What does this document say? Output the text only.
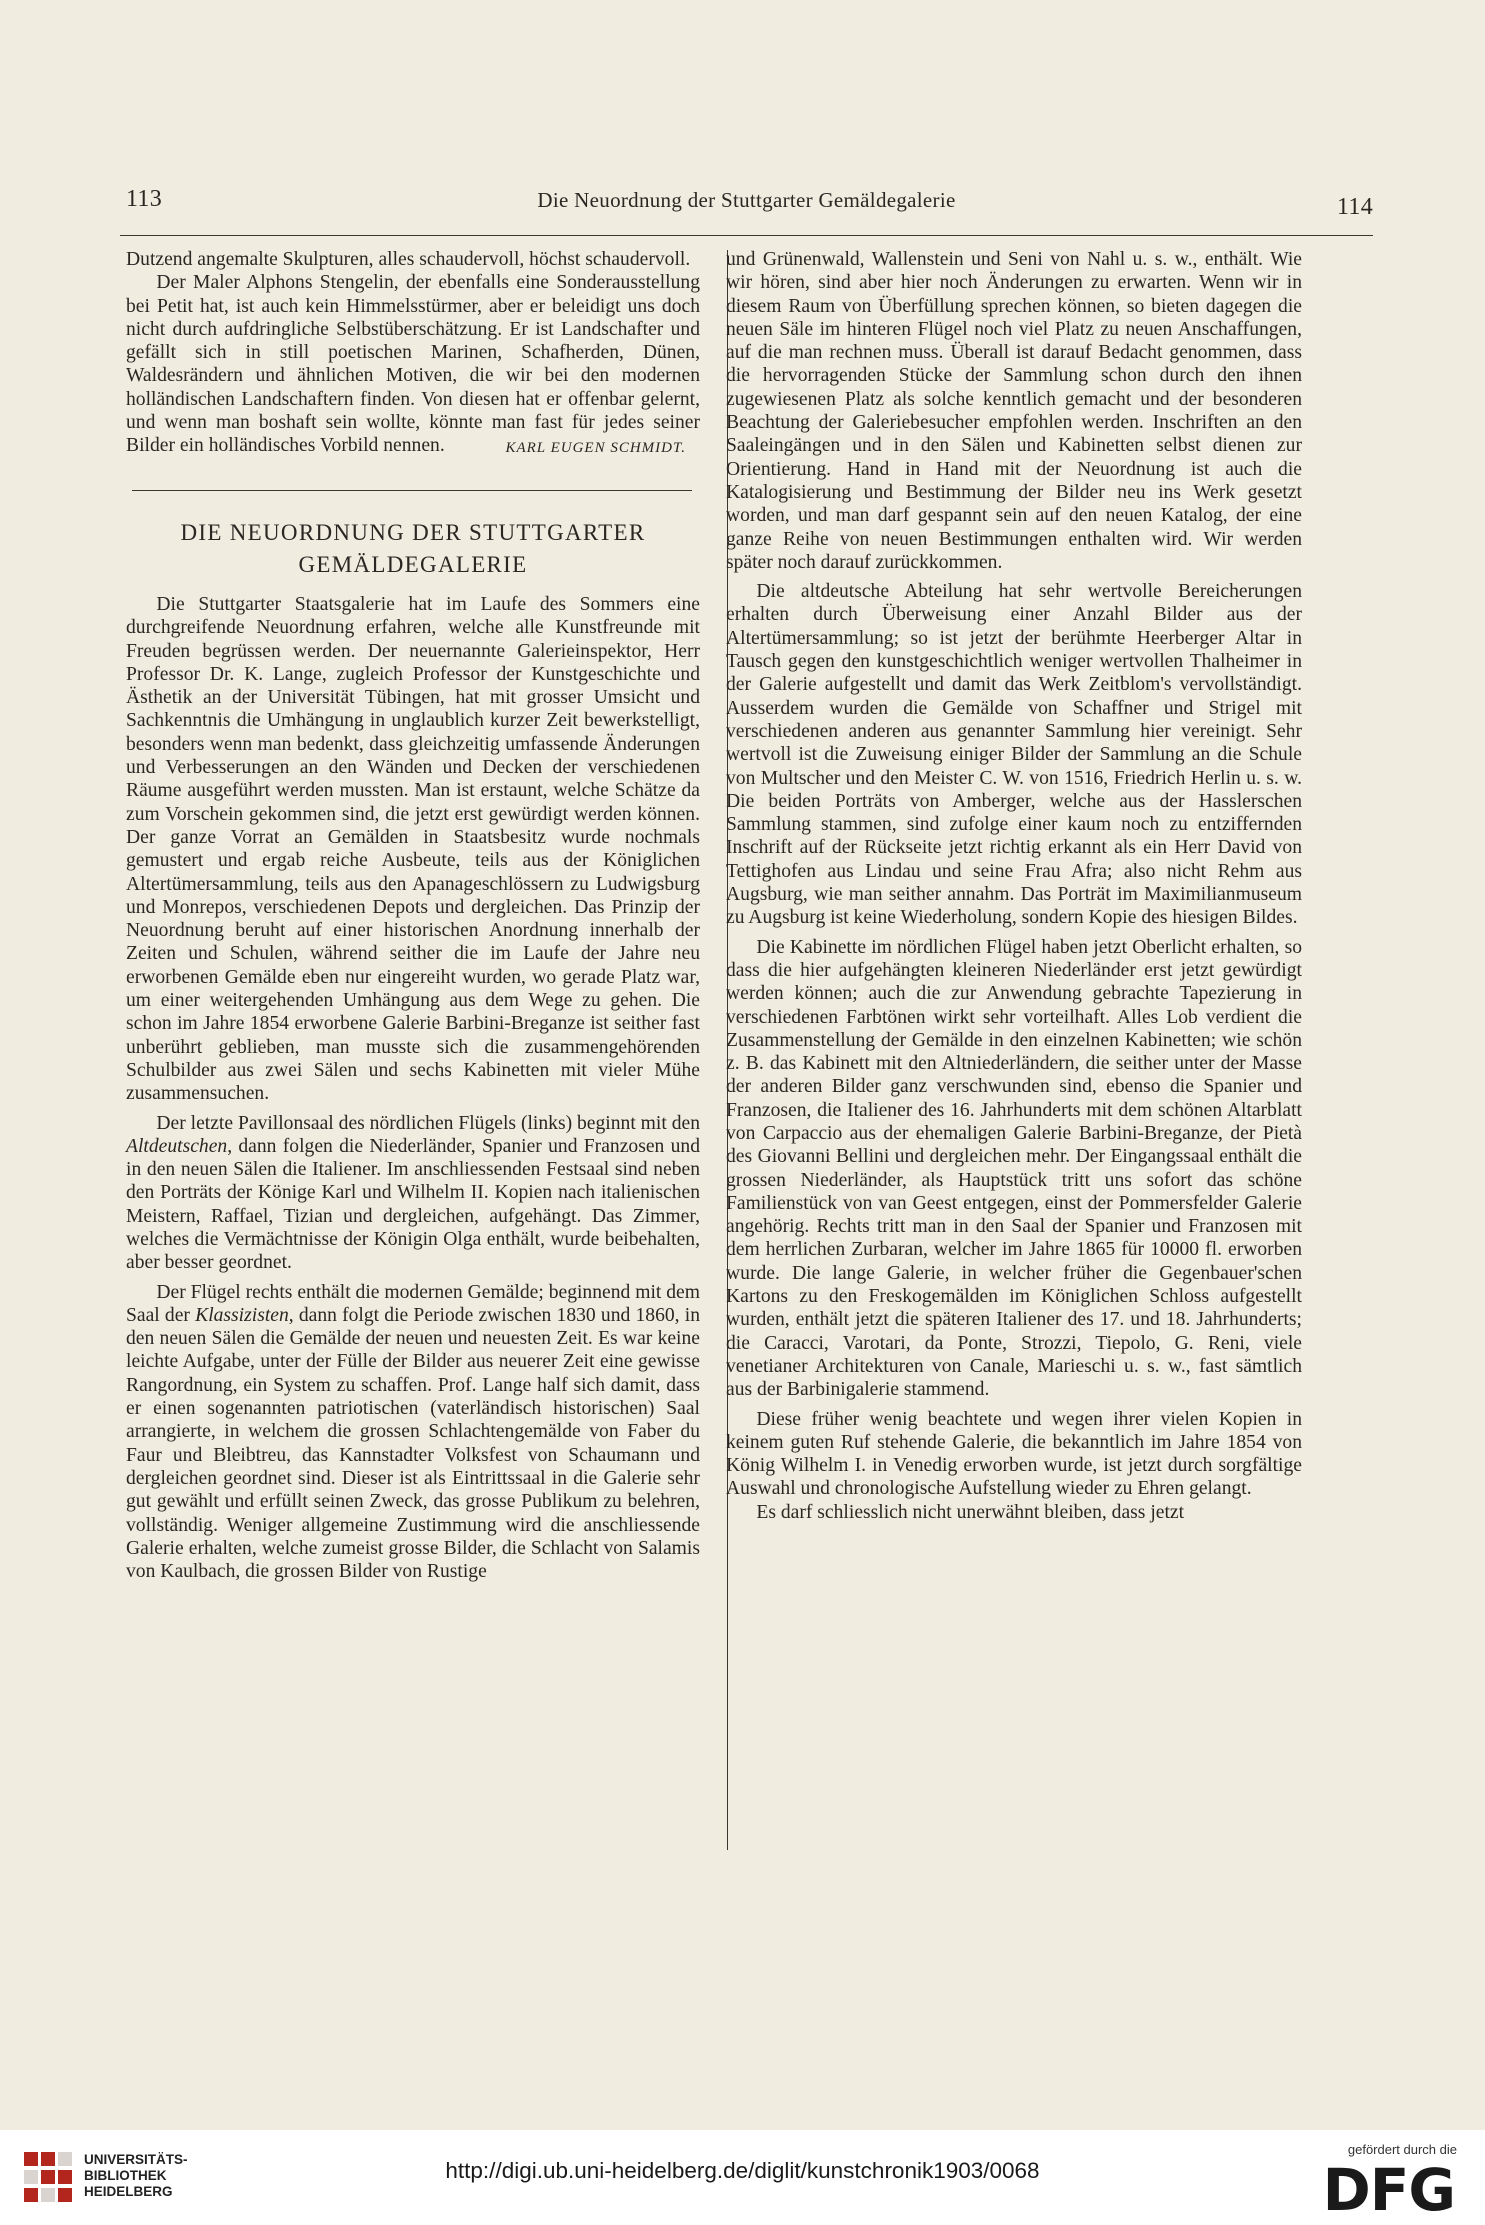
113	Die Neuordnung der Stuttgarter Gemäldegalerie	114

Dutzend angemalte Skulpturen, alles schaudervoll, höchst schaudervoll.

Der Maler Alphons Stengelin, der ebenfalls eine Sonderausstellung bei Petit hat, ist auch kein Himmelsstürmer, aber er beleidigt uns doch nicht durch aufdringliche Selbstüberschätzung. Er ist Landschafter und gefällt sich in still poetischen Marinen, Schafherden, Dünen, Waldesrändern und ähnlichen Motiven, die wir bei den modernen holländischen Landschaftern finden. Von diesen hat er offenbar gelernt, und wenn man boshaft sein wollte, könnte man fast für jedes seiner Bilder ein holländisches Vorbild nennen.	KARL EUGEN SCHMIDT.
DIE NEUORDNUNG DER STUTTGARTER
GEMÄLDEGALERIE

Die Stuttgarter Staatsgalerie hat im Laufe des Sommers eine durchgreifende Neuordnung erfahren, welche alle Kunstfreunde mit Freuden begrüssen werden. Der neuernannte Galerieinspektor, Herr Professor Dr. K. Lange, zugleich Professor der Kunstgeschichte und Ästhetik an der Universität Tübingen, hat mit grosser Umsicht und Sachkenntnis die Umhängung in unglaublich kurzer Zeit bewerkstelligt, besonders wenn man bedenkt, dass gleichzeitig umfassende Änderungen und Verbesserungen an den Wänden und Decken der verschiedenen Räume ausgeführt werden mussten. Man ist erstaunt, welche Schätze da zum Vorschein gekommen sind, die jetzt erst gewürdigt werden können. Der ganze Vorrat an Gemälden in Staatsbesitz wurde nochmals gemustert und ergab reiche Ausbeute, teils aus der Königlichen Altertümersammlung, teils aus den Apanageschlössern zu Ludwigsburg und Monrepos, verschiedenen Depots und dergleichen. Das Prinzip der Neuordnung beruht auf einer historischen Anordnung innerhalb der Zeiten und Schulen, während seither die im Laufe der Jahre neu erworbenen Gemälde eben nur eingereiht wurden, wo gerade Platz war, um einer weitergehenden Umhängung aus dem Wege zu gehen. Die schon im Jahre 1854 erworbene Galerie Barbini-Breganze ist seither fast unberührt geblieben, man musste sich die zusammengehörenden Schulbilder aus zwei Sälen und sechs Kabinetten mit vieler Mühe zusammensuchen.

Der letzte Pavillonsaal des nördlichen Flügels (links) beginnt mit den Altdeutschen, dann folgen die Niederländer, Spanier und Franzosen und in den neuen Sälen die Italiener. Im anschliessenden Festsaal sind neben den Porträts der Könige Karl und Wilhelm II. Kopien nach italienischen Meistern, Raffael, Tizian und dergleichen, aufgehängt. Das Zimmer, welches die Vermächtnisse der Königin Olga enthält, wurde beibehalten, aber besser geordnet.

Der Flügel rechts enthält die modernen Gemälde; beginnend mit dem Saal der Klassizisten, dann folgt die Periode zwischen 1830 und 1860, in den neuen Sälen die Gemälde der neuen und neuesten Zeit. Es war keine leichte Aufgabe, unter der Fülle der Bilder aus neuerer Zeit eine gewisse Rangordnung, ein System zu schaffen. Prof. Lange half sich damit, dass er einen sogenannten patriotischen (vaterländisch historischen) Saal arrangierte, in welchem die grossen Schlachtengemälde von Faber du Faur und Bleibtreu, das Kannstadter Volksfest von Schaumann und dergleichen geordnet sind. Dieser ist als Eintrittssaal in die Galerie sehr gut gewählt und erfüllt seinen Zweck, das grosse Publikum zu belehren, vollständig. Weniger allgemeine Zustimmung wird die anschliessende Galerie erhalten, welche zumeist grosse Bilder, die Schlacht von Salamis von Kaulbach, die grossen Bilder von Rustige

und Grünenwald, Wallenstein und Seni von Nahl u. s. w., enthält. Wie wir hören, sind aber hier noch Änderungen zu erwarten. Wenn wir in diesem Raum von Überfüllung sprechen können, so bieten dagegen die neuen Säle im hinteren Flügel noch viel Platz zu neuen Anschaffungen, auf die man rechnen muss. Überall ist darauf Bedacht genommen, dass die hervorragenden Stücke der Sammlung schon durch den ihnen zugewiesenen Platz als solche kenntlich gemacht und der besonderen Beachtung der Galeriebesucher empfohlen werden. Inschriften an den Saaleingängen und in den Sälen und Kabinetten selbst dienen zur Orientierung. Hand in Hand mit der Neuordnung ist auch die Katalogisierung und Bestimmung der Bilder neu ins Werk gesetzt worden, und man darf gespannt sein auf den neuen Katalog, der eine ganze Reihe von neuen Bestimmungen enthalten wird. Wir werden später noch darauf zurückkommen.

Die altdeutsche Abteilung hat sehr wertvolle Bereicherungen erhalten durch Überweisung einer Anzahl Bilder aus der Altertümersammlung; so ist jetzt der berühmte Heerberger Altar in Tausch gegen den kunstgeschichtlich weniger wertvollen Thalheimer in der Galerie aufgestellt und damit das Werk Zeitblom's vervollständigt. Ausserdem wurden die Gemälde von Schaffner und Strigel mit verschiedenen anderen aus genannter Sammlung hier vereinigt. Sehr wertvoll ist die Zuweisung einiger Bilder der Sammlung an die Schule von Multscher und den Meister C. W. von 1516, Friedrich Herlin u. s. w. Die beiden Porträts von Amberger, welche aus der Hasslerschen Sammlung stammen, sind zufolge einer kaum noch zu entziffernden Inschrift auf der Rückseite jetzt richtig erkannt als ein Herr David von Tettighofen aus Lindau und seine Frau Afra; also nicht Rehm aus Augsburg, wie man seither annahm. Das Porträt im Maximilianmuseum zu Augsburg ist keine Wiederholung, sondern Kopie des hiesigen Bildes.

Die Kabinette im nördlichen Flügel haben jetzt Oberlicht erhalten, so dass die hier aufgehängten kleineren Niederländer erst jetzt gewürdigt werden können; auch die zur Anwendung gebrachte Tapezierung in verschiedenen Farbtönen wirkt sehr vorteilhaft. Alles Lob verdient die Zusammenstellung der Gemälde in den einzelnen Kabinetten; wie schön z. B. das Kabinett mit den Altniederländern, die seither unter der Masse der anderen Bilder ganz verschwunden sind, ebenso die Spanier und Franzosen, die Italiener des 16. Jahrhunderts mit dem schönen Altarblatt von Carpaccio aus der ehemaligen Galerie Barbini-Breganze, der Pietà des Giovanni Bellini und dergleichen mehr. Der Eingangssaal enthält die grossen Niederländer, als Hauptstück tritt uns sofort das schöne Familienstück von van Geest entgegen, einst der Pommersfelder Galerie angehörig. Rechts tritt man in den Saal der Spanier und Franzosen mit dem herrlichen Zurbaran, welcher im Jahre 1865 für 10000 fl. erworben wurde. Die lange Galerie, in welcher früher die Gegenbauer'schen Kartons zu den Freskogemälden im Königlichen Schloss aufgestellt wurden, enthält jetzt die späteren Italiener des 17. und 18. Jahrhunderts; die Caracci, Varotari, da Ponte, Strozzi, Tiepolo, G. Reni, viele venetianer Architekturen von Canale, Marieschi u. s. w., fast sämtlich aus der Barbinigalerie stammend.

Diese früher wenig beachtete und wegen ihrer vielen Kopien in keinem guten Ruf stehende Galerie, die bekanntlich im Jahre 1854 von König Wilhelm I. in Venedig erworben wurde, ist jetzt durch sorgfältige Auswahl und chronologische Aufstellung wieder zu Ehren gelangt.

Es darf schliesslich nicht unerwähnt bleiben, dass jetzt

UNIVERSITÄTS-
BIBLIOTHEK
HEIDELBERG
http://digi.ub.uni-heidelberg.de/diglit/kunstchronik1903/0068
gefördert durch die
DFG
